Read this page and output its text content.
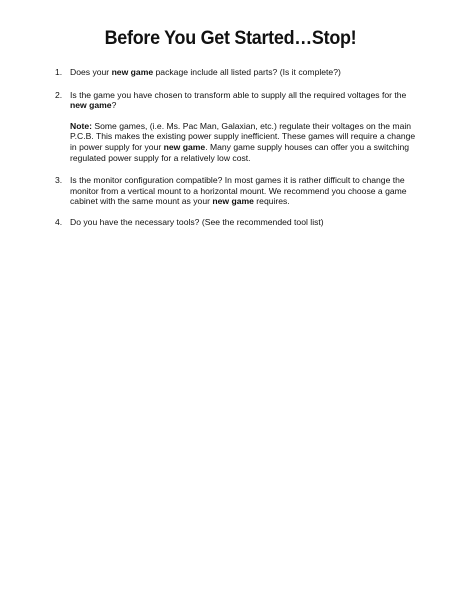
Before You Get Started…Stop!
1. Does your new game package include all listed parts? (Is it complete?)

2. Is the game you have chosen to transform able to supply all the required voltages for the new game?

Note: Some games, (i.e. Ms. Pac Man, Galaxian, etc.) regulate their voltages on the main P.C.B. This makes the existing power supply inefficient. These games will require a change in power supply for your new game. Many game supply houses can offer you a switching regulated power supply for a relatively low cost.

3. Is the monitor configuration compatible? In most games it is rather difficult to change the monitor from a vertical mount to a horizontal mount. We recommend you choose a game cabinet with the same mount as your new game requires.

4. Do you have the necessary tools? (See the recommended tool list)
